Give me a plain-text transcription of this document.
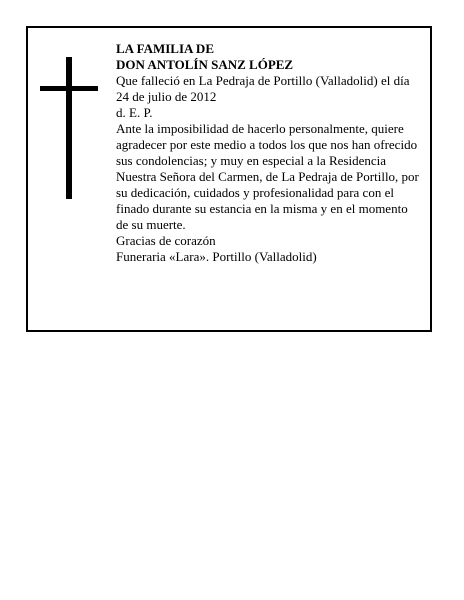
LA FAMILIA DE

DON ANTOLÍN SANZ LÓPEZ

Que falleció en La Pedraja de Portillo (Valladolid) el día 24 de julio de 2012

d. E. P.

Ante la imposibilidad de hacerlo personalmente, quiere agradecer por este medio a todos los que nos han ofrecido sus condolencias; y muy en especial a la Residencia Nuestra Señora del Carmen, de La Pedraja de Portillo, por su dedicación, cuidados y profesionalidad para con el finado durante su estancia en la misma y en el momento de su muerte.

Gracias de corazón

Funeraria «Lara». Portillo (Valladolid)
